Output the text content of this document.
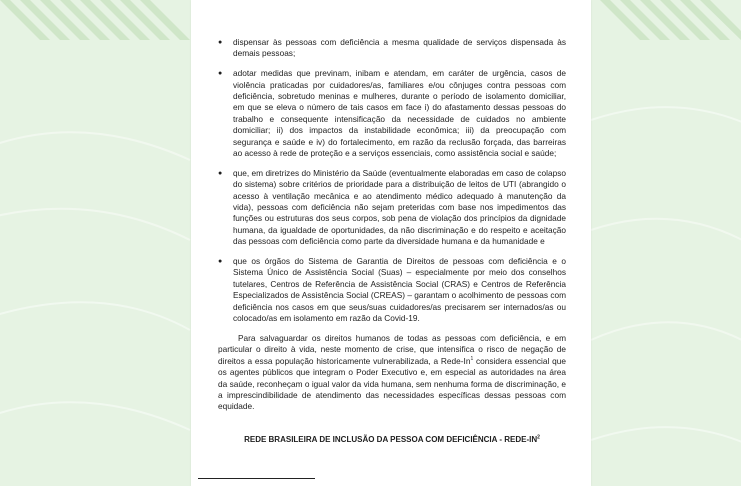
● dispensar às pessoas com deficiência a mesma qualidade de serviços dispensada às demais pessoas;
● adotar medidas que previnam, inibam e atendam, em caráter de urgência, casos de violência praticadas por cuidadores/as, familiares e/ou cônjuges contra pessoas com deficiência, sobretudo meninas e mulheres, durante o período de isolamento domiciliar, em que se eleva o número de tais casos em face i) do afastamento dessas pessoas do trabalho e consequente intensificação da necessidade de cuidados no ambiente domiciliar; ii) dos impactos da instabilidade econômica; iii) da preocupação com segurança e saúde e iv) do fortalecimento, em razão da reclusão forçada, das barreiras ao acesso à rede de proteção e a serviços essenciais, como assistência social e saúde;
● que, em diretrizes do Ministério da Saúde (eventualmente elaboradas em caso de colapso do sistema) sobre critérios de prioridade para a distribuição de leitos de UTI (abrangido o acesso à ventilação mecânica e ao atendimento médico adequado à manutenção da vida), pessoas com deficiência não sejam preteridas com base nos impedimentos das funções ou estruturas dos seus corpos, sob pena de violação dos princípios da dignidade humana, da igualdade de oportunidades, da não discriminação e do respeito e aceitação das pessoas com deficiência como parte da diversidade humana e da humanidade e
● que os órgãos do Sistema de Garantia de Direitos de pessoas com deficiência e o Sistema Único de Assistência Social (Suas) – especialmente por meio dos conselhos tutelares, Centros de Referência de Assistência Social (CRAS) e Centros de Referência Especializados de Assistência Social (CREAS) – garantam o acolhimento de pessoas com deficiência nos casos em que seus/suas cuidadores/as precisarem ser internados/as ou colocado/as em isolamento em razão da Covid-19.

Para salvaguardar os direitos humanos de todas as pessoas com deficiência, e em particular o direito à vida, neste momento de crise, que intensifica o risco de negação de direitos a essa população historicamente vulnerabilizada, a Rede-In$^1$ considera essencial que os agentes públicos que integram o Poder Executivo e, em especial as autoridades na área da saúde, reconheçam o igual valor da vida humana, sem nenhuma forma de discriminação, e a imprescindibilidade de atendimento das necessidades específicas dessas pessoas com equidade.

REDE BRASILEIRA DE INCLUSÃO DA PESSOA COM DEFICIÊNCIA - REDE-$IN^2$
